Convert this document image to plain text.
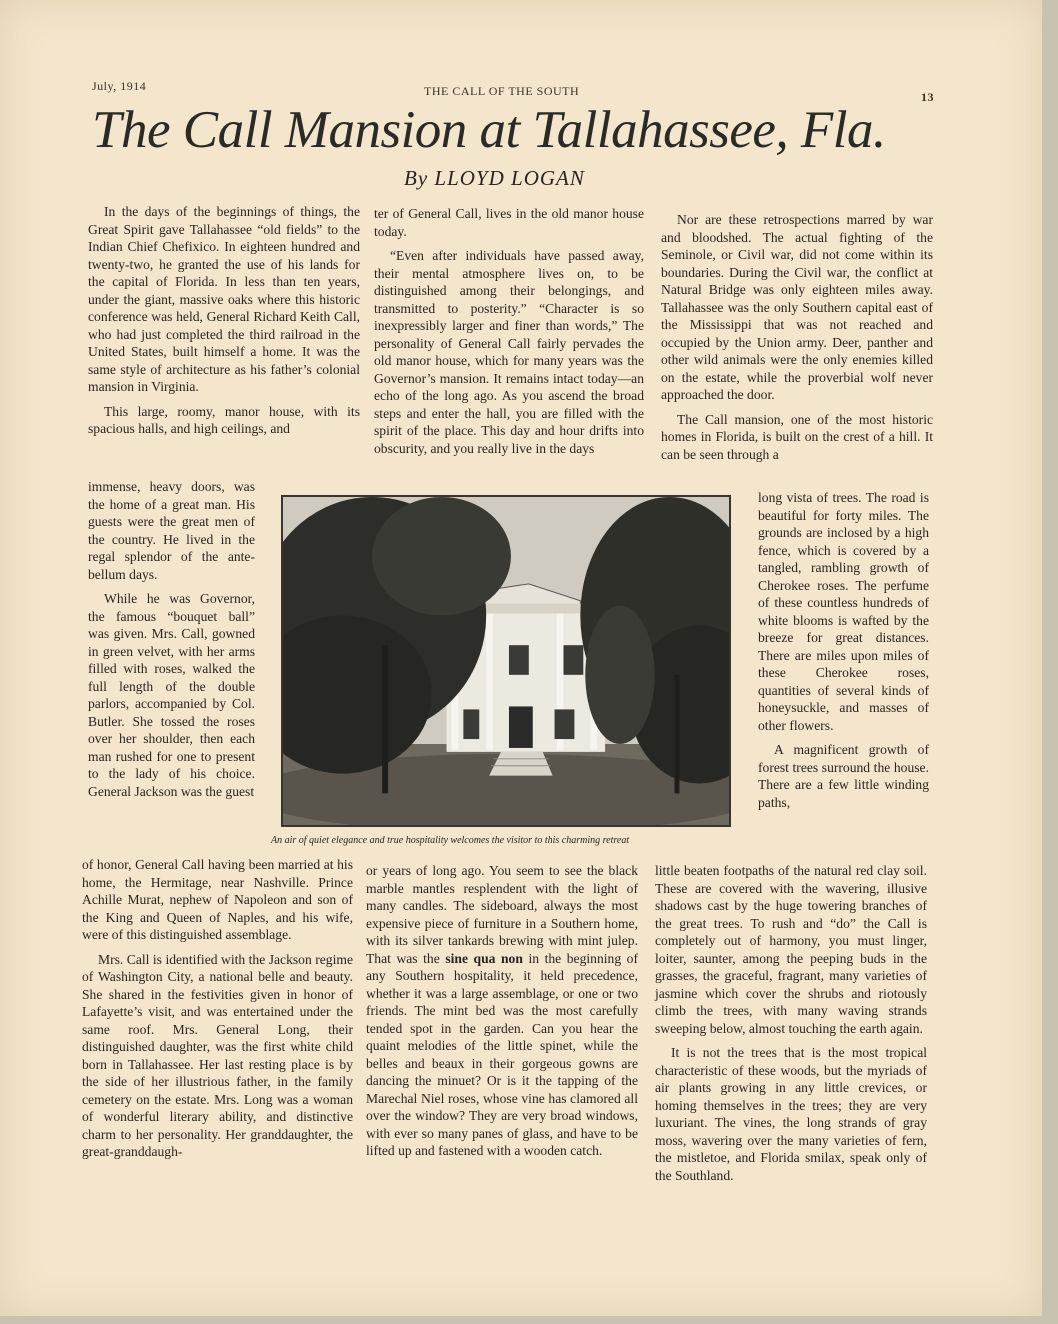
July, 1914	THE CALL OF THE SOUTH	13
The Call Mansion at Tallahassee, Fla.
By LLOYD LOGAN

In the days of the beginnings of things, the Great Spirit gave Tallahassee “old fields” to the Indian Chief Chefixico. In eighteen hundred and twenty-two, he granted the use of his lands for the capital of Florida. In less than ten years, under the giant, massive oaks where this historic conference was held, General Richard Keith Call, who had just completed the third railroad in the United States, built himself a home. It was the same style of architecture as his father’s colonial mansion in Virginia.

This large, roomy, manor house, with its spacious halls, and high ceilings, and

immense, heavy doors, was the home of a great man. His guests were the great men of the country. He lived in the regal splendor of the ante-bellum days.

While he was Governor, the famous “bouquet ball” was given. Mrs. Call, gowned in green velvet, with her arms filled with roses, walked the full length of the double parlors, accompanied by Col. Butler. She tossed the roses over her shoulder, then each man rushed for one to present to the lady of his choice. General Jackson was the guest

of honor, General Call having been married at his home, the Hermitage, near Nashville. Prince Achille Murat, nephew of Napoleon and son of the King and Queen of Naples, and his wife, were of this distinguished assemblage.

Mrs. Call is identified with the Jackson regime of Washington City, a national belle and beauty. She shared in the festivities given in honor of Lafayette’s visit, and was entertained under the same roof. Mrs. General Long, their distinguished daughter, was the first white child born in Tallahassee. Her last resting place is by the side of her illustrious father, in the family cemetery on the estate. Mrs. Long was a woman of wonderful literary ability, and distinctive charm to her personality. Her granddaughter, the great-granddaugh-

ter of General Call, lives in the old manor house today.

“Even after individuals have passed away, their mental atmosphere lives on, to be distinguished among their belongings, and transmitted to posterity.” “Character is so inexpressibly larger and finer than words,” The personality of General Call fairly pervades the old manor house, which for many years was the Governor’s mansion. It remains intact today—an echo of the long ago. As you ascend the broad steps and enter the hall, you are filled with the spirit of the place. This day and hour drifts into obscurity, and you really live in the days

or years of long ago. You seem to see the black marble mantles resplendent with the light of many candles. The sideboard, always the most expensive piece of furniture in a Southern home, with its silver tankards brewing with mint julep. That was the sine qua non in the beginning of any Southern hospitality, it held precedence, whether it was a large assemblage, or one or two friends. The mint bed was the most carefully tended spot in the garden. Can you hear the quaint melodies of the little spinet, while the belles and beaux in their gorgeous gowns are dancing the minuet? Or is it the tapping of the Marechal Niel roses, whose vine has clamored all over the window? They are very broad windows, with ever so many panes of glass, and have to be lifted up and fastened with a wooden catch.

Nor are these retrospections marred by war and bloodshed. The actual fighting of the Seminole, or Civil war, did not come within its boundaries. During the Civil war, the conflict at Natural Bridge was only eighteen miles away. Tallahassee was the only Southern capital east of the Mississippi that was not reached and occupied by the Union army. Deer, panther and other wild animals were the only enemies killed on the estate, while the proverbial wolf never approached the door.

The Call mansion, one of the most historic homes in Florida, is built on the crest of a hill. It can be seen through a

long vista of trees. The road is beautiful for forty miles. The grounds are inclosed by a high fence, which is covered by a tangled, rambling growth of Cherokee roses. The perfume of these countless hundreds of white blooms is wafted by the breeze for great distances. There are miles upon miles of these Cherokee roses, quantities of several kinds of honeysuckle, and masses of other flowers.

A magnificent growth of forest trees surround the house. There are a few little winding paths,

little beaten footpaths of the natural red clay soil. These are covered with the wavering, illusive shadows cast by the huge towering branches of the great trees. To rush and “do” the Call is completely out of harmony, you must linger, loiter, saunter, among the peeping buds in the grasses, the graceful, fragrant, many varieties of jasmine which cover the shrubs and riotously climb the trees, with many waving strands sweeping below, almost touching the earth again.

It is not the trees that is the most tropical characteristic of these woods, but the myriads of air plants growing in any little crevices, or homing themselves in the trees; they are very luxuriant. The vines, the long strands of gray moss, wavering over the many varieties of fern, the mistletoe, and Florida smilax, speak only of the Southland.

An air of quiet elegance and true hospitality welcomes the visitor to this charming retreat
